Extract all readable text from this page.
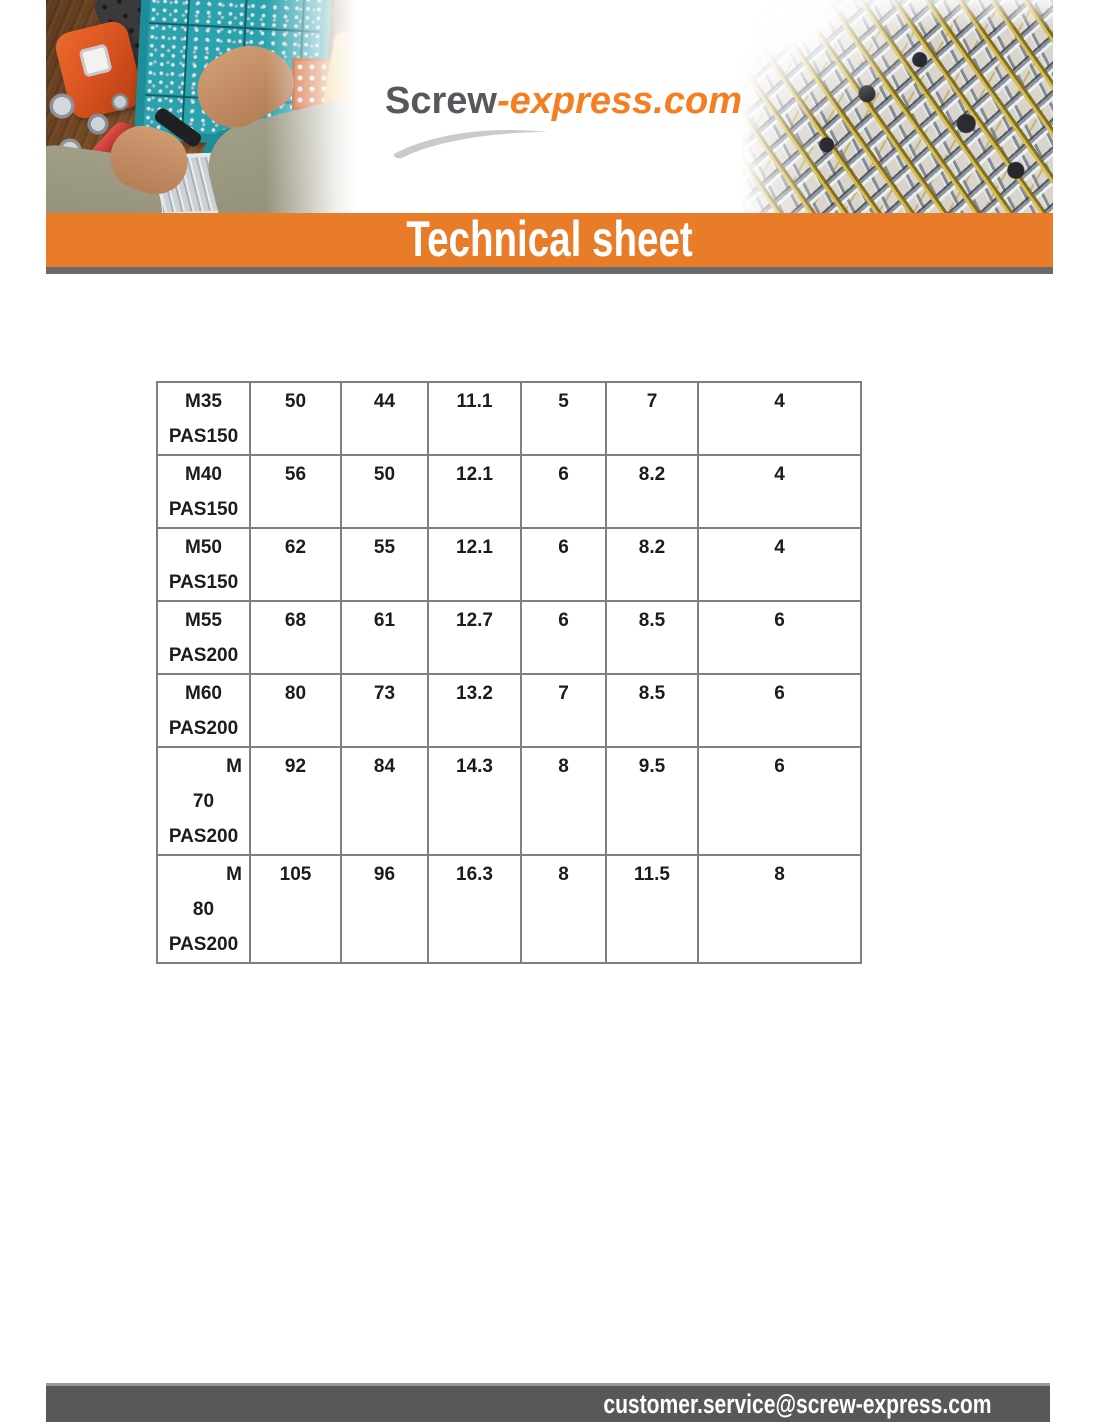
Screw-express.com
Technical sheet
M35
PAS150	50	44	11.1	5	7	4

M40
PAS150	56	50	12.1	6	8.2	4

M50
PAS150	62	55	12.1	6	8.2	4

M55
PAS200	68	61	12.7	6	8.5	6

M60
PAS200	80	73	13.2	7	8.5	6

M
70
PAS200	92	84	14.3	8	9.5	6

M
80
PAS200	105	96	16.3	8	11.5	8
customer.service@screw-express.com
